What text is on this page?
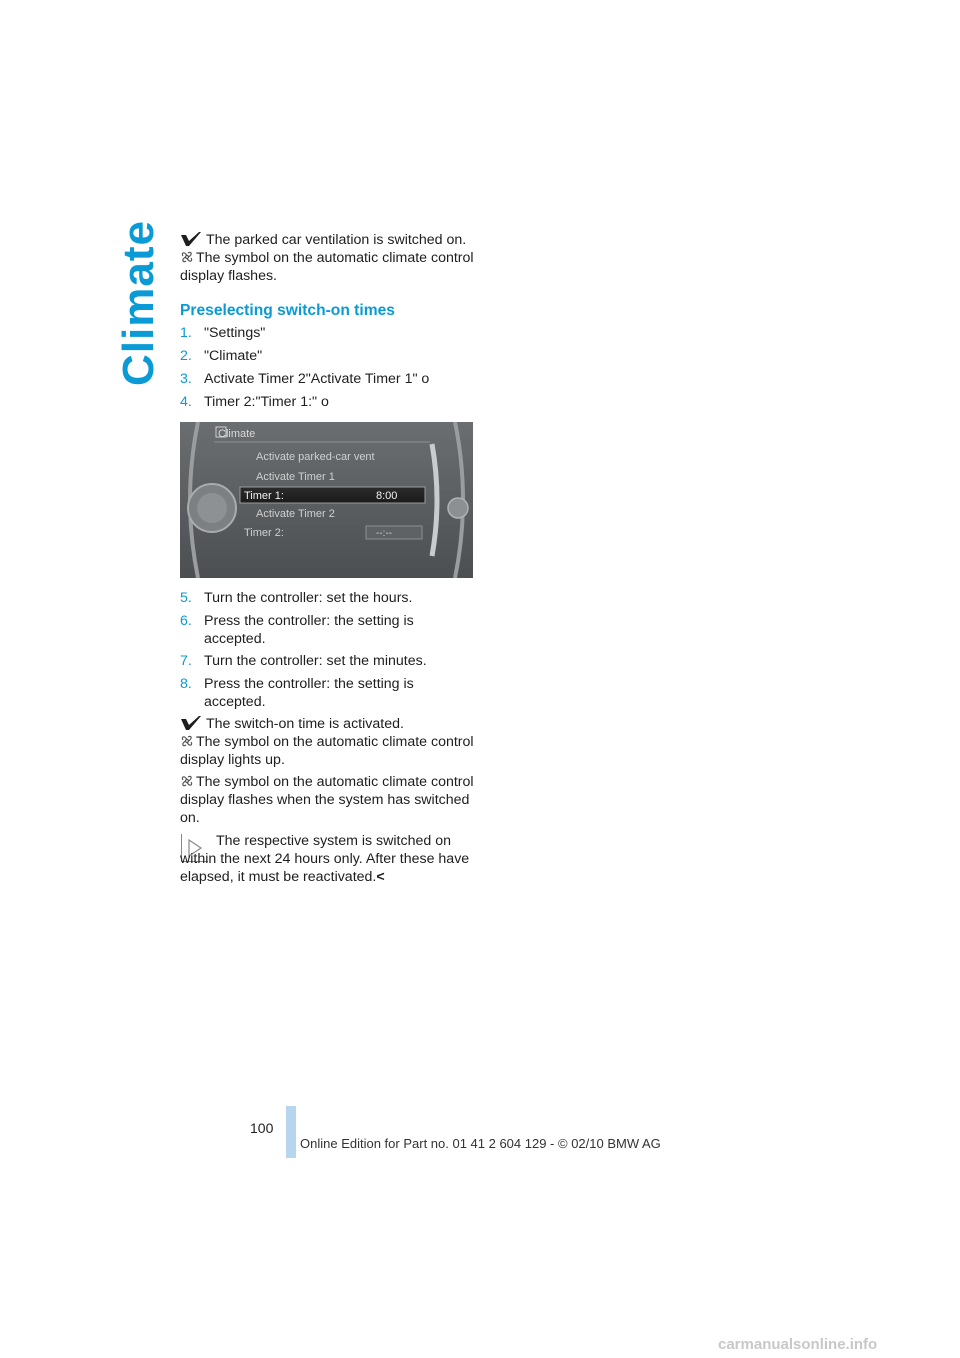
Climate	The parked car ventilation is switched on.
The symbol on the automatic climate control display flashes.
Preselecting switch-on times
1. "Settings"
2. "Climate"
3. Activate Timer 2"Activate Timer 1" o
4. Timer 2:"Timer 1:" o
Climate
Activate parked-car vent
Activate Timer 1
Timer 1:	8:00
Activate Timer 2
Timer 2:	--:--
5. Turn the controller: set the hours.
6. Press the controller: the setting is accepted.
7. Turn the controller: set the minutes.
8. Press the controller: the setting is accepted.
The switch-on time is activated.
The symbol on the automatic climate control display lights up.
The symbol on the automatic climate control display flashes when the system has switched on.
The respective system is switched on within the next 24 hours only. After these have elapsed, it must be reactivated.<
100
Online Edition for Part no. 01 41 2 604 129 - © 02/10 BMW AG
carmanualsonline.info
